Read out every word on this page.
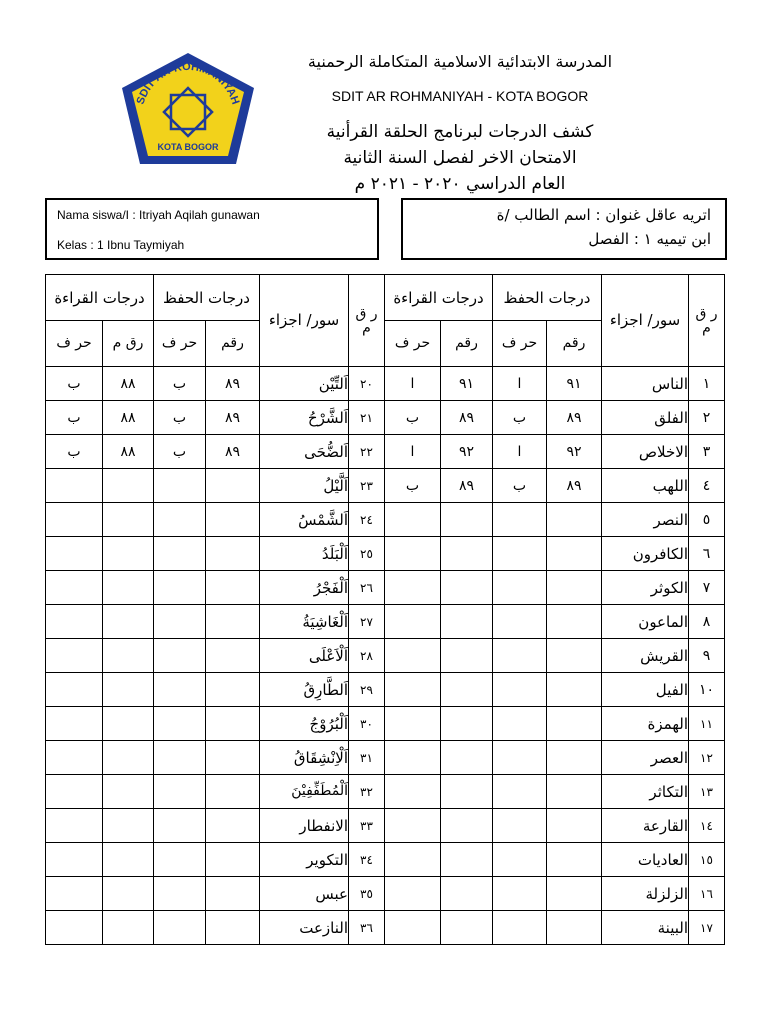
SDIT AR-ROHMANIYAH
KOTA BOGOR
المدرسة الابتدائية الاسلامية المتكاملة الرحمنية
SDIT AR ROHMANIYAH - KOTA BOGOR
كشف الدرجات لبرنامج الحلقة القرأنية
الامتحان الاخر لفصل السنة الثانية
العام الدراسي ٢٠٢٠ - ٢٠٢١ م
Nama siswa/I : Itriyah Aqilah gunawan
Kelas : 1 Ibnu Taymiyah
اتريه عاقل غنوان : اسم الطالب /ة
ابن تيميه ١ : الفصل
درجات القراءة		درجات الحفظ		سور/ اجزاء	ر ق م	درجات القراءة		درجات الحفظ		سور/ اجزاء	ر ق م
حر ف	رق م	حر ف	رقم			حر ف	رقم	حر ف	رقم		
ب	٨٨	ب	٨٩	اَلتِّيْن	٢٠	ا	٩١	ا	٩١	الناس	١
ب	٨٨	ب	٨٩	اَلشَّرْحُ	٢١	ب	٨٩	ب	٨٩	الفلق	٢
ب	٨٨	ب	٨٩	اَلضُّحَى	٢٢	ا	٩٢	ا	٩٢	الاخلاص	٣
				اَلَّيْلُ	٢٣	ب	٨٩	ب	٨٩	اللهب	٤
				اَلشَّمْسُ	٢٤					النصر	٥
				اَلْبَلَدُ	٢٥					الكافرون	٦
				اَلْفَجْرُ	٢٦					الكوثر	٧
				اَلْغَاشِيَةُ	٢٧					الماعون	٨
				اَلْاَعْلَى	٢٨					القريش	٩
				اَلطَّارِقُ	٢٩					الفيل	١٠
				اَلْبُرُوْجُ	٣٠					الهمزة	١١
				اَلْاِنْشِقَاقُ	٣١					العصر	١٢
				اَلْمُطَفِّفِيْنَ	٣٢					التكاثر	١٣
				الانفطار	٣٣					القارعة	١٤
				التكوير	٣٤					العاديات	١٥
				عبس	٣٥					الزلزلة	١٦
				النازعت	٣٦					البينة	١٧
